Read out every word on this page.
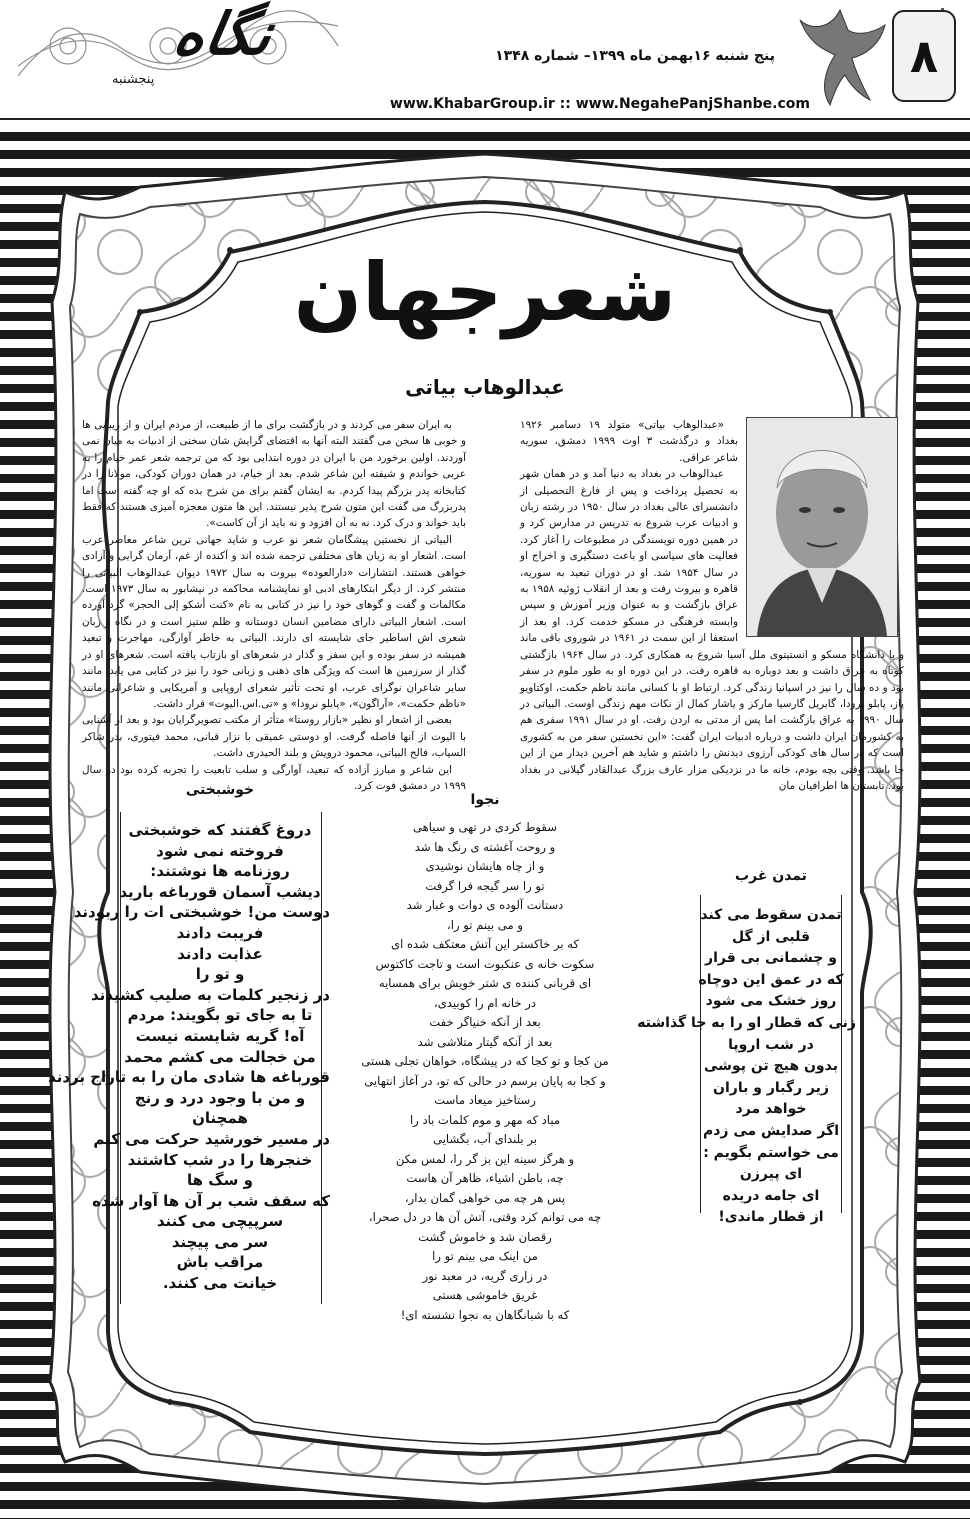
نگاه
پنجشنبه
پنج شنبه ۱۶بهمن ماه ۱۳۹۹– شماره ۱۳۴۸
www.KhabarGroup.ir :: www.NegahePanjShanbe.com
۸
شعرجهان
عبدالوهاب بیاتی

«عبدالوهاب بیاتی» متولد ۱۹ دسامبر ۱۹۲۶ بغداد و درگذشت ۳ اوت ۱۹۹۹ دمشق، سوریه شاعر عراقی.

عبدالوهاب در بغداد به دنیا آمد و در همان شهر به تحصیل پرداخت و پس از فارغ التحصیلی از دانشسرای عالی بغداد در سال ۱۹۵۰ در رشته زبان و ادبیات عرب شروع به تدریس در مدارس کرد و در همین دوره نویسندگی در مطبوعات را آغاز کرد. فعالیت های سیاسی او باعث دستگیری و اخراج او در سال ۱۹۵۴ شد. او در دوران تبعید به سوریه، قاهره و بیروت رفت و بعد از انقلاب ژوئیه ۱۹۵۸ به عراق بازگشت و به عنوان وزیر آموزش و سپس وابسته فرهنگی در مسکو خدمت کرد. او بعد از استعفا از این سمت در ۱۹۶۱ در شوروی باقی ماند و با دانشگاه مسکو و انستیتوی ملل آسیا شروع به همکاری کرد. در سال ۱۹۶۴ بازگشتی کوتاه به عراق داشت و بعد دوباره به قاهره رفت. در این دوره او به طور ملوم در سفر بود و ده سال را نیز در اسپانیا زندگی کرد. ارتباط او با کسانی مانند ناظم حکمت، اوکتاویو پاز، پابلو نرودا، گابریل گارسیا مارکز و یاشار کمال از نکات مهم زندگی اوست. البیاتی در سال ۱۹۹۰ به عراق بازگشت اما پس از مدتی به اردن رفت. او در سال ۱۹۹۱ سفری هم به کشورمان ایران داشت و درباره ادبیات ایران گفت: «این نخستین سفر من به کشوری است که در سال های کودکی آرزوی دیدنش را داشتم و شاید هم آخرین دیدار من از این جا باشد. وقتی بچه بودم، خانه ما در نزدیکی مزار عارف بزرگ عبدالقادر گیلانی در بغداد بود. تابستان ها اطرافیان مان

به ایران سفر می کردند و در بازگشت برای ما از طبیعت، از مردم ایران و از زیبایی ها و خوبی ها سخن می گفتند البته آنها به اقتضای گرایش شان سخنی از ادبیات به میان نمی آوردند. اولین برخورد من با ایران در دوره ابتدایی بود که من ترجمه شعر عمر خیام را به عربی خواندم و شیفته این شاعر شدم. بعد از خیام، در همان دوران کودکی، مولانا را در کتابخانه پدر بزرگم پیدا کردم. به ایشان گفتم برای من شرح بده که او چه گفته است اما پدربزرگ می گفت این متون شرح پذیر نیستند. این ها متون معجزه آمیزی هستند که فقط باید خواند و درک کرد. نه به آن افزود و نه باید از آن کاست».

البیاتی از نخستین پیشگامان شعر نو عرب و شاید جهانی ترین شاعر معاصر عرب است. اشعار او به زبان های مختلفی ترجمه شده اند و آکنده از غم، آرمان گرایی و آزادی خواهی هستند. انتشارات «دارالعوده» بیروت به سال ۱۹۷۲ دیوان عبدالوهاب البیاتی را منتشر کرد. از دیگر ابتکارهای ادبی او نمایشنامه محاکمه در نیشابور به سال ۱۹۷۳ است. مکالمات و گفت و گوهای خود را نیز در کتابی به نام «کنت أشکو إلی الحجر» گرد آورده است. اشعار البیاتی دارای مضامین انسان دوستانه و ظلم ستیز است و در نگاه و زبان شعری اش اساطیر جای شایسته ای دارند. البیاتی به خاطر آوارگی، مهاجرت و تبعید همیشه در سفر بوده و این سفر و گذار در شعرهای او بازتاب یافته است. شعرهای او در گذار از سرزمین ها است که ویژگی های ذهنی و زبانی خود را نیز در کتابی می یابد. مانند سایر شاعران نوگرای عرب، او تحت تأثیر شعرای اروپایی و آمریکایی و شاعرانی مانند «ناظم حکمت»، «آراگون»، «پابلو نرودا» و «تی.اس.الیوت» قرار داشت.

بعضی از اشعار او نظیر «بازار روستا» متأثر از مکتب تصویرگرایان بود و بعد از آشنایی با الیوت از آنها فاصله گرفت. او دوستی عمیقی با نزار قبانی، محمد فیتوری، بدر شاکر السیاب، فالح البیاتی، محمود درویش و بلند الحیدری داشت.

این شاعر و مبارز آزاده که تبعید، آوارگی و سلب تابعیت را تجربه کرده بود در سال ۱۹۹۹ در دمشق فوت کرد.

خوشبختی
نجوا
تمدن غرب
دروغ گفتند که خوشبختی
فروخته نمی شود
روزنامه ها نوشتند:
دیشب آسمان قورباغه بارید
دوست من! خوشبختی ات را ربودند
فریبت دادند
عذابت دادند
و تو را
در زنجیر کلمات به صلیب کشیدند
تا به جای تو بگویند: مردم
آه! گریه شایسته نیست
من خجالت می کشم محمد
قورباغه ها شادی مان را به تاراج بردند
و من با وجود درد و رنج
همچنان
در مسیر خورشید حرکت می کنم
خنجرها را در شب کاشتند
و سگ ها
که سقف شب بر آن ها آوار شده
سرپیچی می کنند
سر می پیچند
مراقب باش
خیانت می کنند.
سقوط کردی در تهی و سیاهی
و روحت آغشته ی رنگ ها شد
و از چاه هایشان نوشیدی
تو را سر گیجه فرا گرفت
دستانت آلوده ی دوات و غبار شد
و می بینم تو را،
که بر خاکستر این آتش معتکف شده ای
سکوت خانه ی عنکبوت است و تاجت کاکتوس
ای قربانی کننده ی شتر خویش برای همسایه
در خانه ام را کوبیدی،
بعد از آنکه خنیاگر خفت
بعد از آنکه گیتار متلاشی شد
من کجا و تو کجا که در پیشگاه، خواهان تجلی هستی
و کجا به پایان برسم در حالی که تو، در آغاز انتهایی
رستاخیز میعاد ماست
مباد که مهر و موم کلمات باد را
بر بلندای آب، بگشایی
و هرگز سینه این بز گر را، لمس مکن
چه، باطن اشیاء، ظاهر آن هاست
پس هر چه می خواهی گمان بدار،
چه می توانم کرد وقتی، آتش آن ها در دل صحرا،
رقصان شد و خاموش گشت
من اینک می بینم تو را
در زاری گریه، در معبد نور
غریق خاموشی هستی
که با شبانگاهان به نجوا نشسته ای!
تمدن سقوط می کند
قلبی از گل
و چشمانی بی قرار
که در عمق این دوچاه
روز خشک می شود
زنی که قطار او را به جا گذاشته
در شب اروپا
بدون هیچ تن پوشی
زیر رگبار و باران
خواهد مرد
اگر صدایش می زدم
می خواستم بگویم :
ای پیرزن
ای جامه دریده
از قطار ماندی!
